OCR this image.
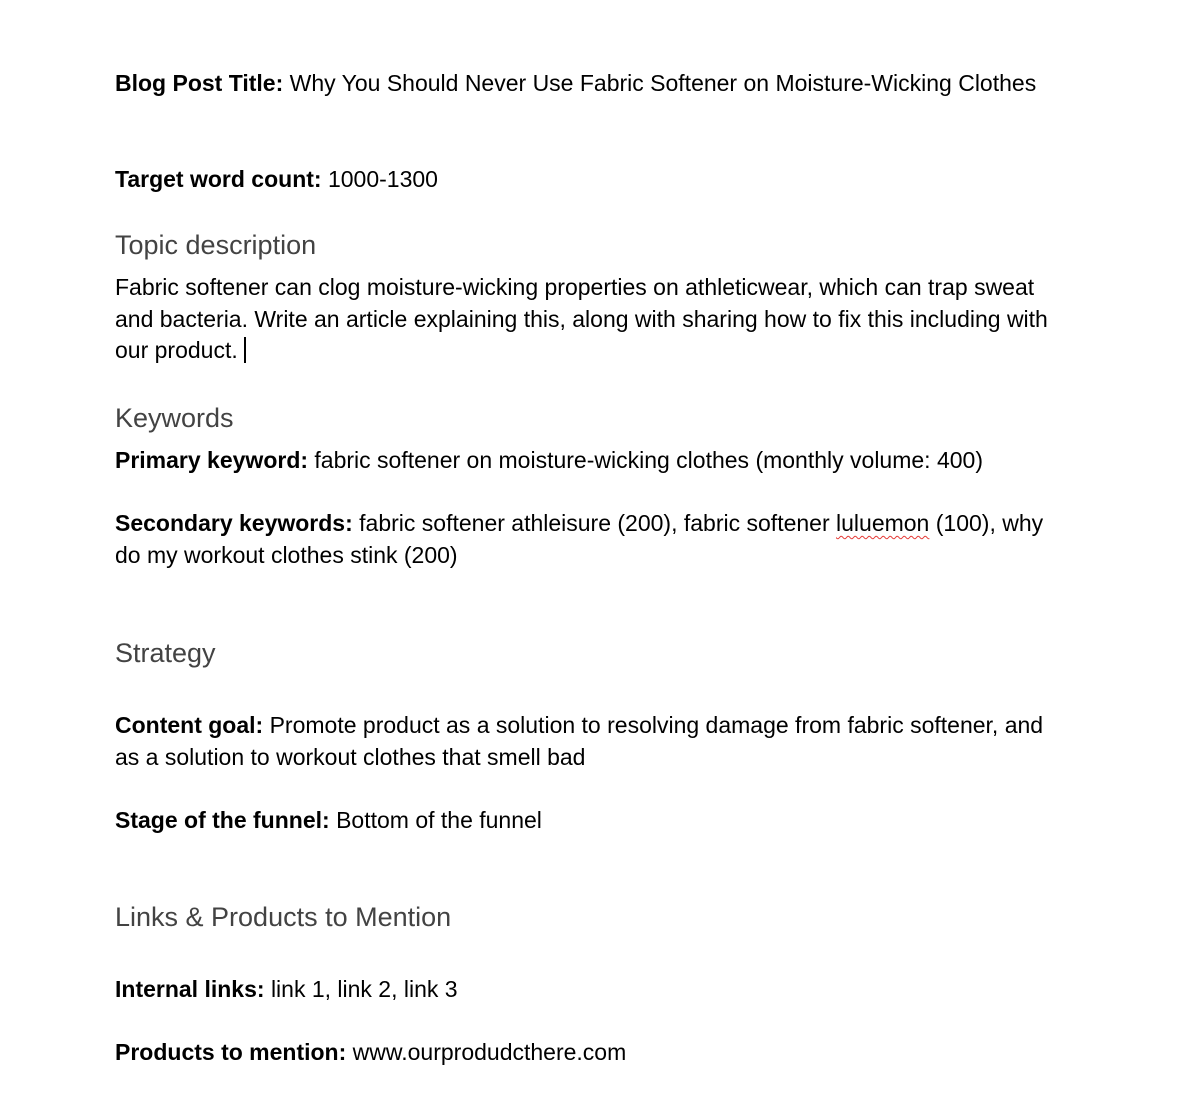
Blog Post Title: Why You Should Never Use Fabric Softener on Moisture-Wicking Clothes
Target word count: 1000-1300
Topic description
Fabric softener can clog moisture-wicking properties on athleticwear, which can trap sweat and bacteria. Write an article explaining this, along with sharing how to fix this including with our product.
Keywords
Primary keyword: fabric softener on moisture-wicking clothes (monthly volume: 400)
Secondary keywords: fabric softener athleisure (200), fabric softener luluemon (100), why do my workout clothes stink (200)
Strategy
Content goal: Promote product as a solution to resolving damage from fabric softener, and as a solution to workout clothes that smell bad
Stage of the funnel: Bottom of the funnel
Links & Products to Mention
Internal links: link 1, link 2, link 3
Products to mention: www.ourprodudcthere.com
